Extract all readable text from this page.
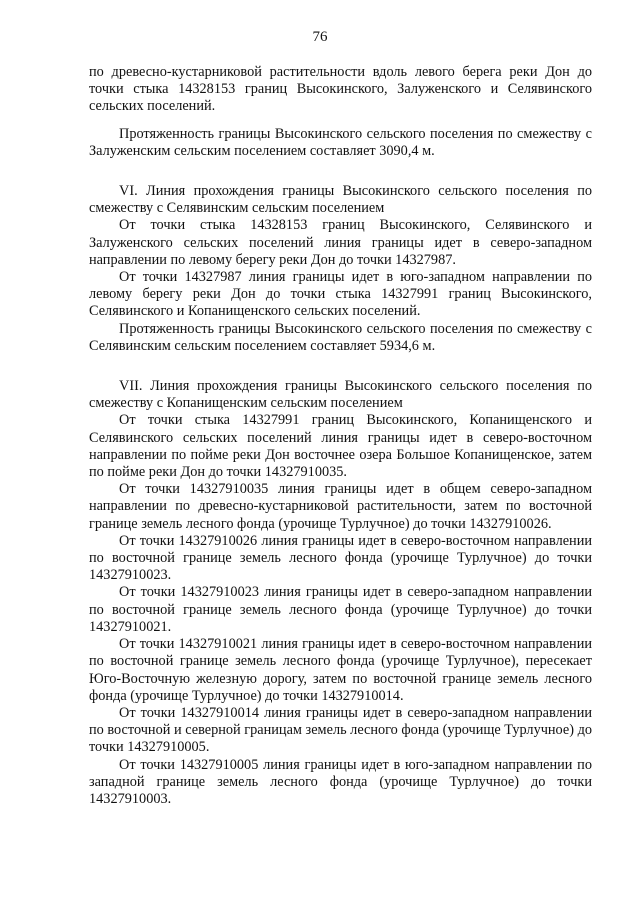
76

по древесно-кустарниковой растительности вдоль левого берега реки Дон до точки стыка 14328153 границ Высокинского, Залуженского и Селявинского сельских поселений.

Протяженность границы Высокинского сельского поселения по смежеству с Залуженским сельским поселением составляет 3090,4 м.

VI. Линия прохождения границы Высокинского сельского поселения по смежеству с Селявинским сельским поселением

От точки стыка 14328153 границ Высокинского, Селявинского и Залуженского сельских поселений линия границы идет в северо-западном направлении по левому берегу реки Дон до точки 14327987.

От точки 14327987 линия границы идет в юго-западном направлении по левому берегу реки Дон до точки стыка 14327991 границ Высокинского, Селявинского и Копанищенского сельских поселений.

Протяженность границы Высокинского сельского поселения по смежеству с Селявинским сельским поселением составляет 5934,6 м.

VII. Линия прохождения границы Высокинского сельского поселения по смежеству с Копанищенским сельским поселением

От точки стыка 14327991 границ Высокинского, Копанищенского и Селявинского сельских поселений линия границы идет в северо-восточном направлении по пойме реки Дон восточнее озера Большое Копанищенское, затем по пойме реки Дон до точки 14327910035.

От точки 14327910035 линия границы идет в общем северо-западном направлении по древесно-кустарниковой растительности, затем по восточной границе земель лесного фонда (урочище Турлучное) до точки 14327910026.

От точки 14327910026 линия границы идет в северо-восточном направлении по восточной границе земель лесного фонда (урочище Турлучное) до точки 14327910023.

От точки 14327910023 линия границы идет в северо-западном направлении по восточной границе земель лесного фонда (урочище Турлучное) до точки 14327910021.

От точки 14327910021 линия границы идет в северо-восточном направлении по восточной границе земель лесного фонда (урочище Турлучное), пересекает Юго-Восточную железную дорогу, затем по восточной границе земель лесного фонда (урочище Турлучное) до точки 14327910014.

От точки 14327910014 линия границы идет в северо-западном направлении по восточной и северной границам земель лесного фонда (урочище Турлучное) до точки 14327910005.

От точки 14327910005 линия границы идет в юго-западном направлении по западной границе земель лесного фонда (урочище Турлучное) до точки 14327910003.
